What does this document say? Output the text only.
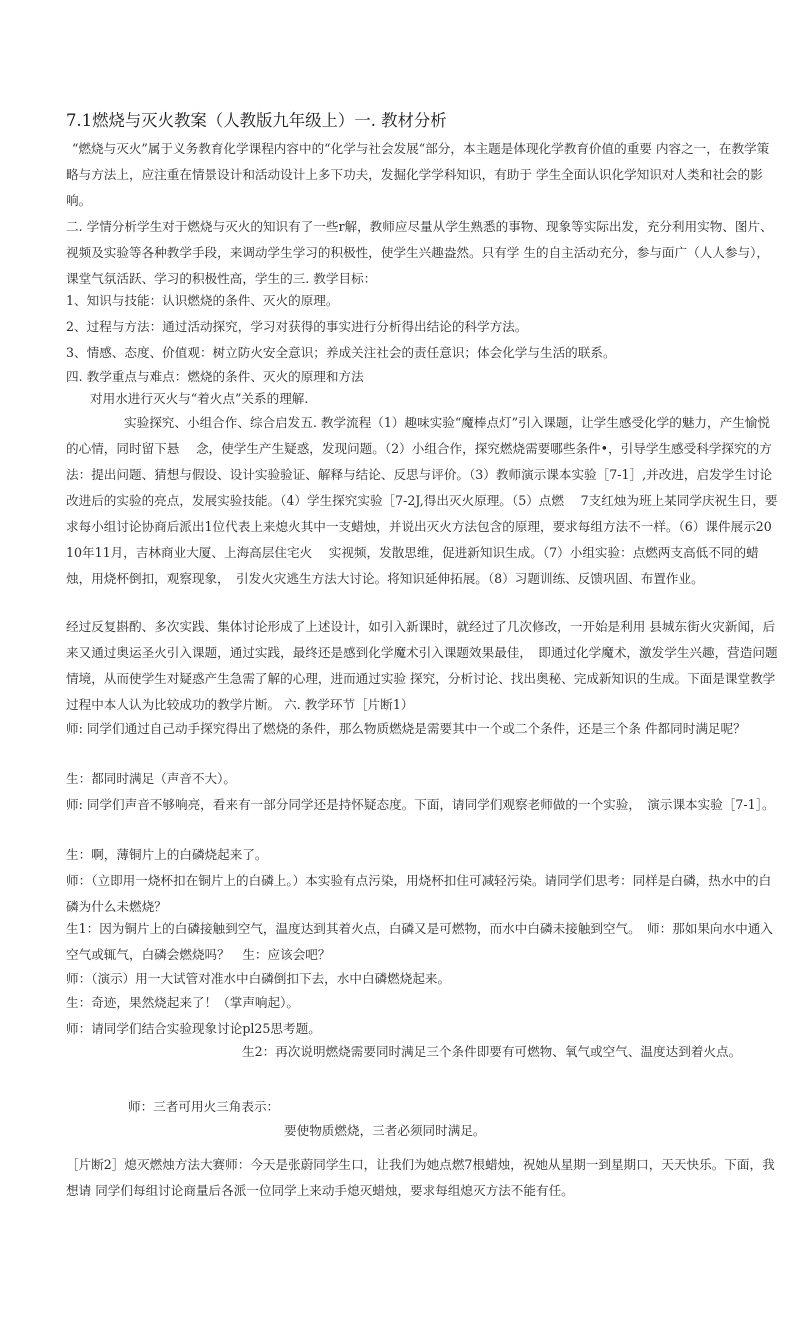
7.1燃烧与灭火教案（人教版九年级上）一. 教材分析
“燃烧与灭火”属于义务教育化学课程内容中的“化学与社会发展“部分，本主题是体现化学教育价值的重要 内容之一，在教学策略与方法上，应注重在情景设计和活动设计上多下功夫，发掘化学学科知识，有助于 学生全面认识化学知识对人类和社会的影响。
二. 学情分析学生对于燃烧与灭火的知识有了一些r解，教师应尽量从学生熟悉的事物、现象等实际出发，充分利用实物、图片、视频及实验等各种教学手段，来调动学生学习的积极性，使学生兴趣盎然。只有学 生的自主活动充分，参与面广（人人参与），课堂气氛活跃、学习的积极性高，学生的三. 教学目标：
1、知识与技能：认识燃烧的条件、灭火的原理。
2、过程与方法：通过活动探究，学习对获得的事实进行分析得出结论的科学方法。
3、情感、态度、价值观：树立防火安全意识；养成关注社会的责任意识；体会化学与生活的联系。
四. 教学重点与难点：燃烧的条件、灭火的原理和方法
对用水进行灭火与“着火点”关系的理解.
实验探究、小组合作、综合启发五. 教学流程（1）趣味实验“魔棒点灯”引入课题，让学生感受化学的魅力，产生愉悦的心情，同时留下悬　 念，使学生产生疑惑，发现问题。（2）小组合作，探究燃烧需要哪些条件•，引导学生感受科学探究的方法：提出问题、猜想与假设、设计实验验证、解释与结论、反思与评价。（3）教师演示课本实验［7-1］,并改进，启发学生讨论改进后的实验的亮点，发展实验技能。（4）学生探究实验［7-2J,得出灭火原理。（5）点燃　 7支红烛为班上某同学庆祝生日，要求每小组讨论协商后派出1位代表上来熄火其中一支蜡烛，并说出灭火方法包含的原理，要求每组方法不一样。（6）课件展示2010年11月，吉林商业大厦、上海高层住宅火　 实视频，发散思维，促进新知识生成。（7）小组实验：点燃两支高低不同的蜡烛，用烧杯倒扣，观察现象，　引发火灾逃生方法大讨论。将知识延伸拓展。（8）习题训练、反馈巩固、布置作业。
经过反复斟酌、多次实践、集体讨论形成了上述设计，如引入新课时，就经过了几次修改，一开始是利用 县城东街火灾新闻，后来又通过奥运圣火引入课题，通过实践，最终还是感到化学魔术引入课题效果最佳，　即通过化学魔术，激发学生兴趣，营造问题情境，从而使学生对疑惑产生急需了解的心理，进而通过实验 探究，分析讨论、找出奥秘、完成新知识的生成。下面是课堂教学过程中本人认为比较成功的教学片断。 六. 教学环节［片断1）
师: 同学们通过自己动手探究得出了燃烧的条件，那么物质燃烧是需要其中一个或二个条件，还是三个条 件都同时满足呢？
生：都同时满足（声音不大）。
师: 同学们声音不够响亮，看来有一部分同学还是持怀疑态度。下面，请同学们观察老师做的一个实验，　演示课本实验［7-1］。
生：啊，薄铜片上的白磷烧起来了。
师：（立即用一烧杯扣在铜片上的白磷上。）本实验有点污染，用烧杯扣住可减轻污染。请同学们思考：同样是白磷，热水中的白磷为什么未燃烧？
生1：因为铜片上的白磷接触到空气，温度达到其着火点，白磷又是可燃物，而水中白磷未接触到空气。　师：那如果向水中通入空气或辄气，白磷会燃烧吗？　生：应该会吧？
师：（演示）用一大试管对准水中白磷倒扣下去，水中白磷燃烧起来。
生：奇迹，果然烧起来了！（掌声响起）。
师：请同学们结合实验现象讨论pl25思考题。
生2：再次说明燃烧需要同时满足三个条件即要有可燃物、氧气或空气、温度达到着火点。
师：三者可用火三角表示：
要使物质燃烧，三者必须同时满足。
［片断2］熄灭燃烛方法大赛师：今天是张蔚同学生口，让我们为她点燃7根蜡烛，祝她从星期一到星期口，天天快乐。下面，我想请 同学们每组讨论商量后各派一位同学上来动手熄灭蜡烛，要求每组熄灭方法不能有任。
